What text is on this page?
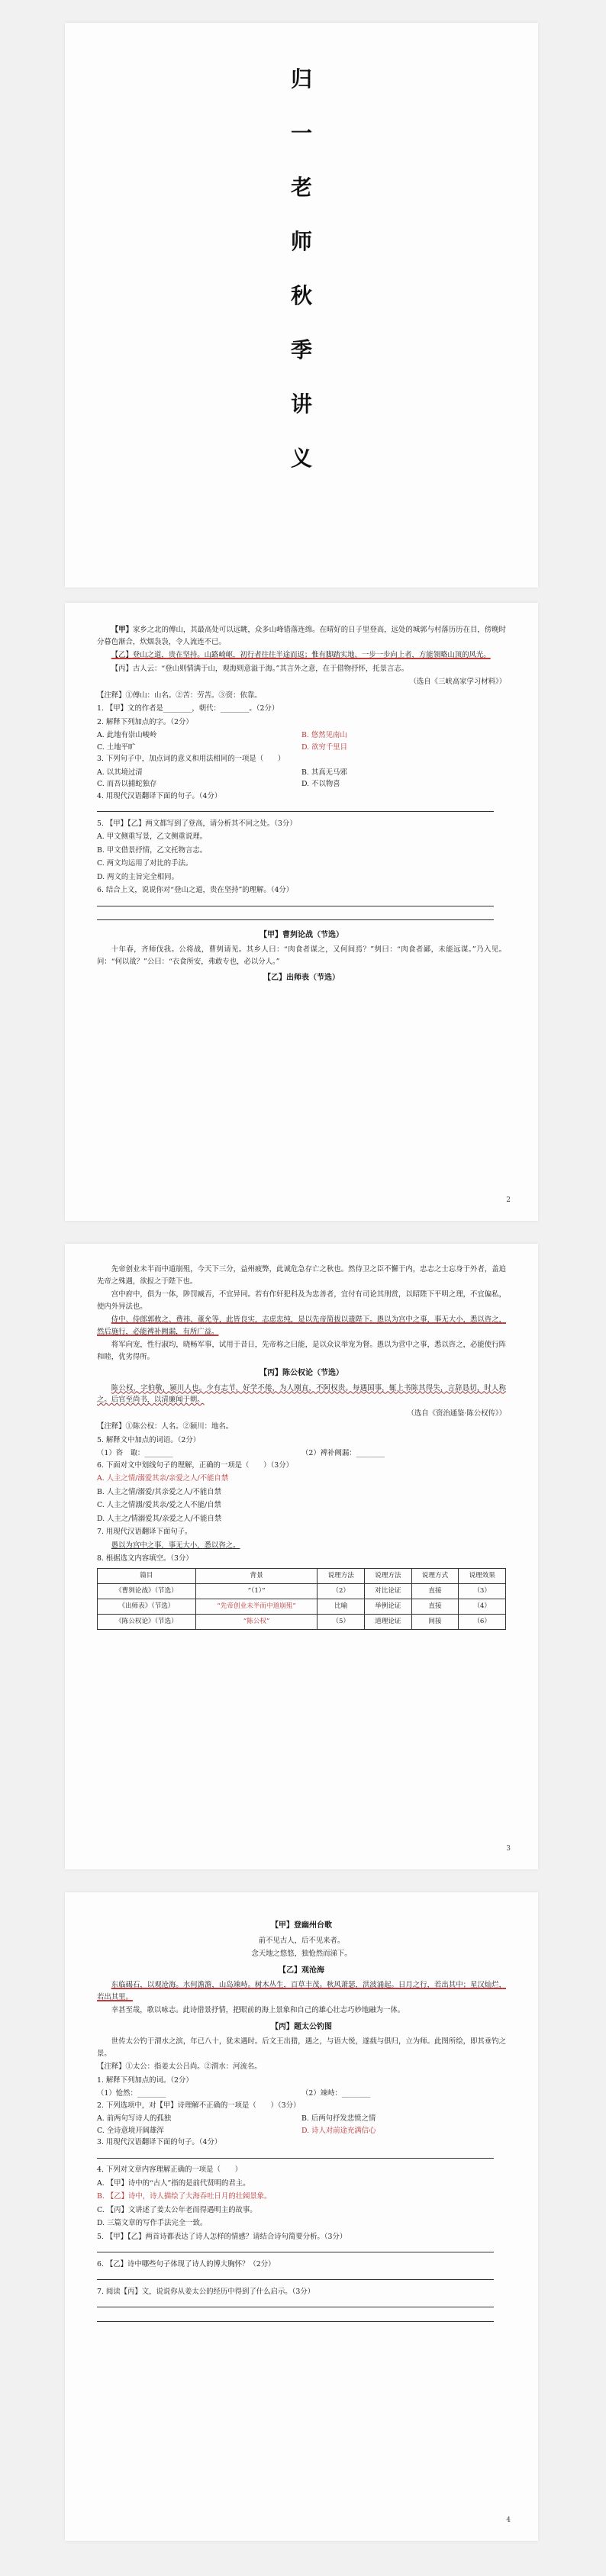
归
一
老
师
秋
季
讲
义

【甲】家乡之北的傅山，其最高处可以远眺，众多山峰错落连绵。在晴好的日子里登高，远处的城郭与村落历历在目，傍晚时分暮色渐合，炊烟袅袅，令人流连不已。

【乙】登山之道，贵在坚持。山路崎岖，初行者往往半途而返；惟有脚踏实地、一步一步向上者，方能领略山顶的风光。

【丙】古人云：“登山则情满于山，观海则意溢于海。”其言外之意，在于借物抒怀，托景言志。

（选自《三峡高家学习材料》）

【注释】①傅山：山名。②苦：劳苦。③资：依靠。

1. 【甲】文的作者是________，朝代：________。（2分）

2. 解释下列加点的字。（2分）

A. 此地有崇山峻岭	B. 悠然见南山
C. 土地平旷	D. 欲穷千里目

3. 下列句子中，加点词的意义和用法相同的一项是（　　）

A. 以其境过清	B. 其真无马邪
C. 而吾以捕蛇独存	D. 不以物喜

4. 用现代汉语翻译下面的句子。（4分）

5. 【甲】【乙】两文都写到了登高，请分析其不同之处。（3分）

A. 甲文侧重写景，乙文侧重说理。

B. 甲文借景抒情，乙文托物言志。

C. 两文均运用了对比的手法。

D. 两文的主旨完全相同。

6. 结合上文，说说你对“登山之道，贵在坚持”的理解。（4分）

【甲】曹刿论战（节选）

十年春，齐师伐我。公将战，曹刿请见。其乡人曰：“肉食者谋之，又何间焉？”刿曰：“肉食者鄙，未能远谋。”乃入见。问：“何以战？”公曰：“衣食所安，弗敢专也，必以分人。”

【乙】出师表（节选）
2

先帝创业未半而中道崩殂，今天下三分，益州疲弊，此诚危急存亡之秋也。然侍卫之臣不懈于内，忠志之士忘身于外者，盖追先帝之殊遇，欲报之于陛下也。

宫中府中，俱为一体，陟罚臧否，不宜异同。若有作奸犯科及为忠善者，宜付有司论其刑赏，以昭陛下平明之理，不宜偏私，使内外异法也。

侍中、侍郎郭攸之、费祎、董允等，此皆良实，志虑忠纯，是以先帝简拔以遗陛下。愚以为宫中之事，事无大小，悉以咨之，然后施行，必能裨补阙漏，有所广益。

将军向宠，性行淑均，晓畅军事，试用于昔日，先帝称之曰能，是以众议举宠为督。愚以为营中之事，悉以咨之，必能使行阵和睦，优劣得所。

【丙】陈公权论（节选）

陈公权，字伯敬，颍川人也。少有志节，好学不倦，为人刚直，不阿权贵。每遇国事，辄上书陈其得失，言辞恳切，时人称之。后官至尚书，以清廉闻于朝。

（选自《资治通鉴·陈公权传》）

【注释】①陈公权：人名。②颍川：地名。

5. 解释文中加点的词语。（2分）

（1）咨　诹：________	（2）裨补阙漏：________

6. 下面对文中划线句子的理解，正确的一项是（　　）（3分）

A. 人主之情/溺爱其亲/亲爱之人/不能自禁

B. 人主之情/溺爱/其亲爱之人/不能自禁

C. 人主之情溺/爱其亲/爱之人不能/自禁

D. 人主之/情溺爱其/亲爱之人/不能自禁

7. 用现代汉语翻译下面句子。

愚以为宫中之事，事无大小，悉以咨之。

8. 根据选文内容填空。（3分）

篇目	背景	说理方法	说理方法	说理方式	说理效果
《曹刿论战》（节选）	“（1）”	（2）	对比论证	直接	（3）
《出师表》（节选）	“先帝创业未半而中道崩殂”	比喻	举例论证	直接	（4）
《陈公权论》（节选）	“陈公权”	（5）	道理论证	间接	（6）
3
【甲】登幽州台歌

前不见古人，后不见来者。

念天地之悠悠，独怆然而涕下。

【乙】观沧海

东临碣石，以观沧海。水何澹澹，山岛竦峙。树木丛生，百草丰茂。秋风萧瑟，洪波涌起。日月之行，若出其中；星汉灿烂，若出其里。

幸甚至哉，歌以咏志。此诗借景抒情，把眼前的海上景象和自己的雄心壮志巧妙地融为一体。

【丙】题太公钓图

世传太公钓于渭水之滨，年已八十，犹未遇时。后文王出猎，遇之，与语大悦，遂载与俱归，立为师。此图所绘，即其垂钓之景。

【注释】①太公：指姜太公吕尚。②渭水：河流名。

1. 解释下列加点的词。（2分）

（1）怆然：________	（2）竦峙：________

2. 下列选项中，对【甲】诗理解不正确的一项是（　　）（3分）

A. 前两句写诗人的孤独	B. 后两句抒发悲愤之情
C. 全诗意境开阔雄浑	D. 诗人对前途充满信心

3. 用现代汉语翻译下面的句子。（4分）

4. 下列对文章内容理解正确的一项是（　　）

A. 【甲】诗中的“古人”指的是前代贤明的君主。

B. 【乙】诗中，诗人描绘了大海吞吐日月的壮阔景象。

C. 【丙】文讲述了姜太公年老而得遇明主的故事。

D. 三篇文章的写作手法完全一致。

5. 【甲】【乙】两首诗都表达了诗人怎样的情感？请结合诗句简要分析。（3分）

6. 【乙】诗中哪些句子体现了诗人的博大胸怀？（2分）

7. 阅读【丙】文，说说你从姜太公的经历中得到了什么启示。（3分）

4
